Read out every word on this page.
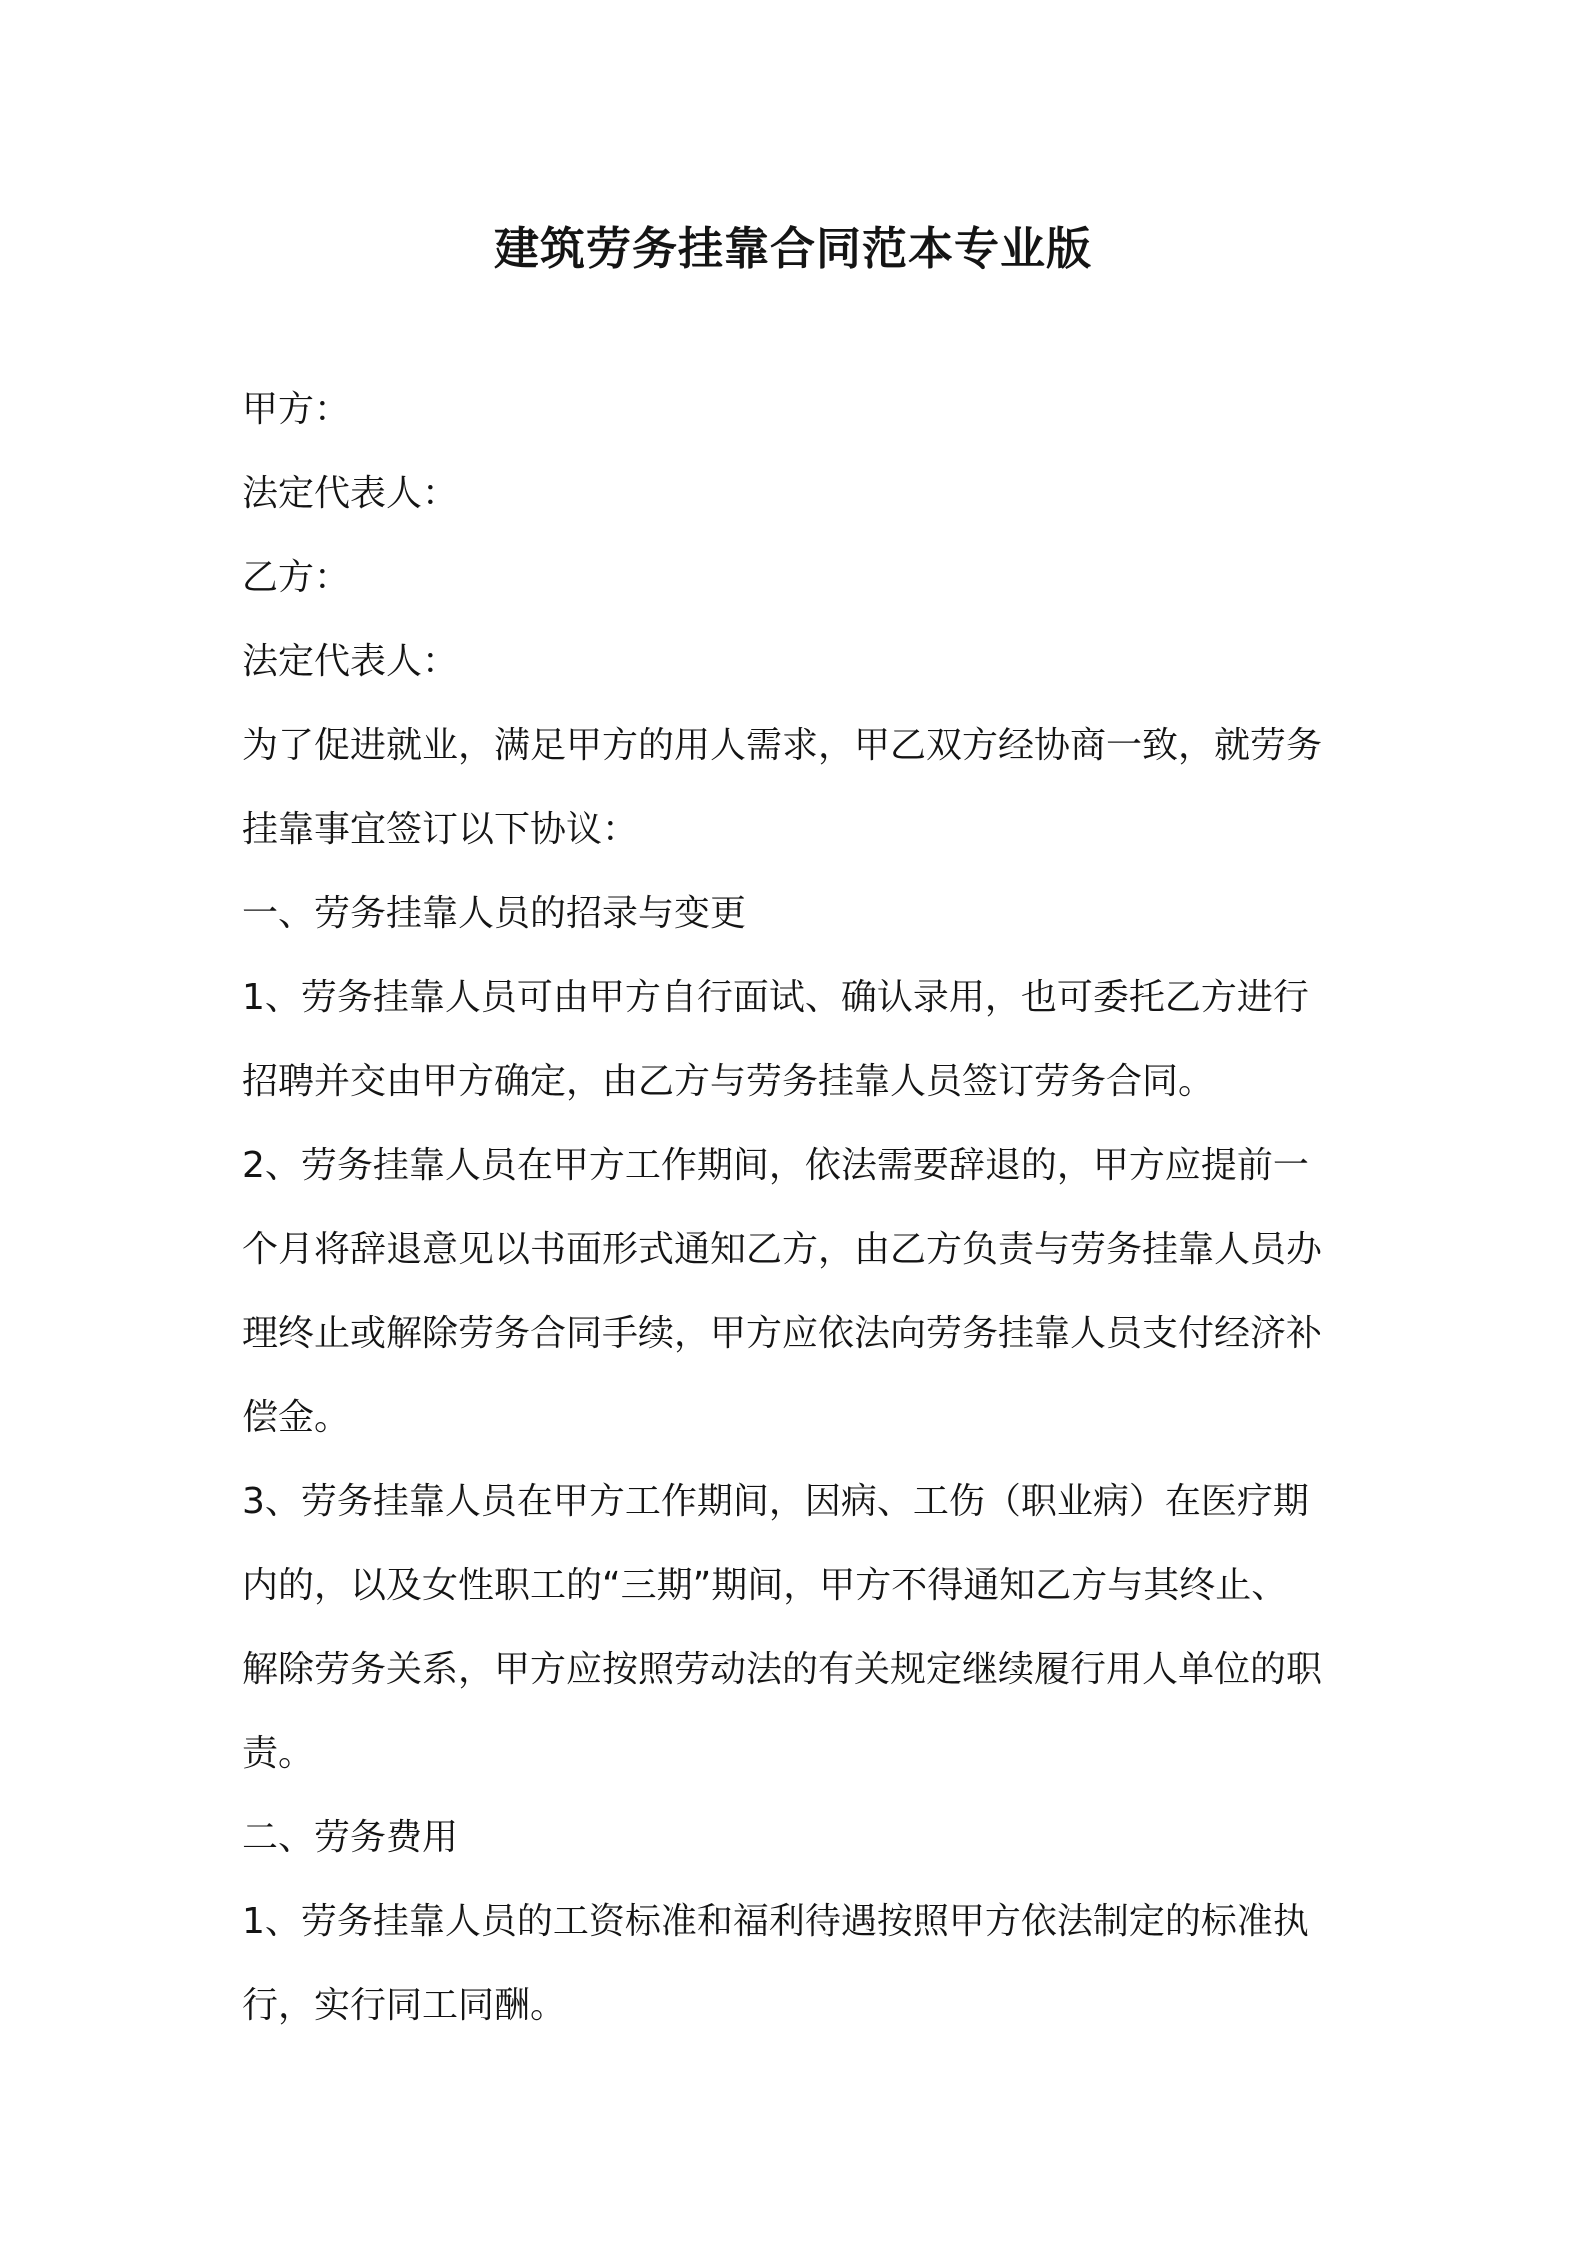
建筑劳务挂靠合同范本专业版

甲方：

法定代表人：

乙方：

法定代表人：

为了促进就业，满足甲方的用人需求，甲乙双方经协商一致，就劳务

挂靠事宜签订以下协议：

一、劳务挂靠人员的招录与变更

1、劳务挂靠人员可由甲方自行面试、确认录用，也可委托乙方进行

招聘并交由甲方确定，由乙方与劳务挂靠人员签订劳务合同。

2、劳务挂靠人员在甲方工作期间，依法需要辞退的，甲方应提前一

个月将辞退意见以书面形式通知乙方，由乙方负责与劳务挂靠人员办

理终止或解除劳务合同手续，甲方应依法向劳务挂靠人员支付经济补

偿金。

3、劳务挂靠人员在甲方工作期间，因病、工伤（职业病）在医疗期

内的，以及女性职工的“三期”期间，甲方不得通知乙方与其终止、

解除劳务关系，甲方应按照劳动法的有关规定继续履行用人单位的职

责。

二、劳务费用

1、劳务挂靠人员的工资标准和福利待遇按照甲方依法制定的标准执

行，实行同工同酬。
